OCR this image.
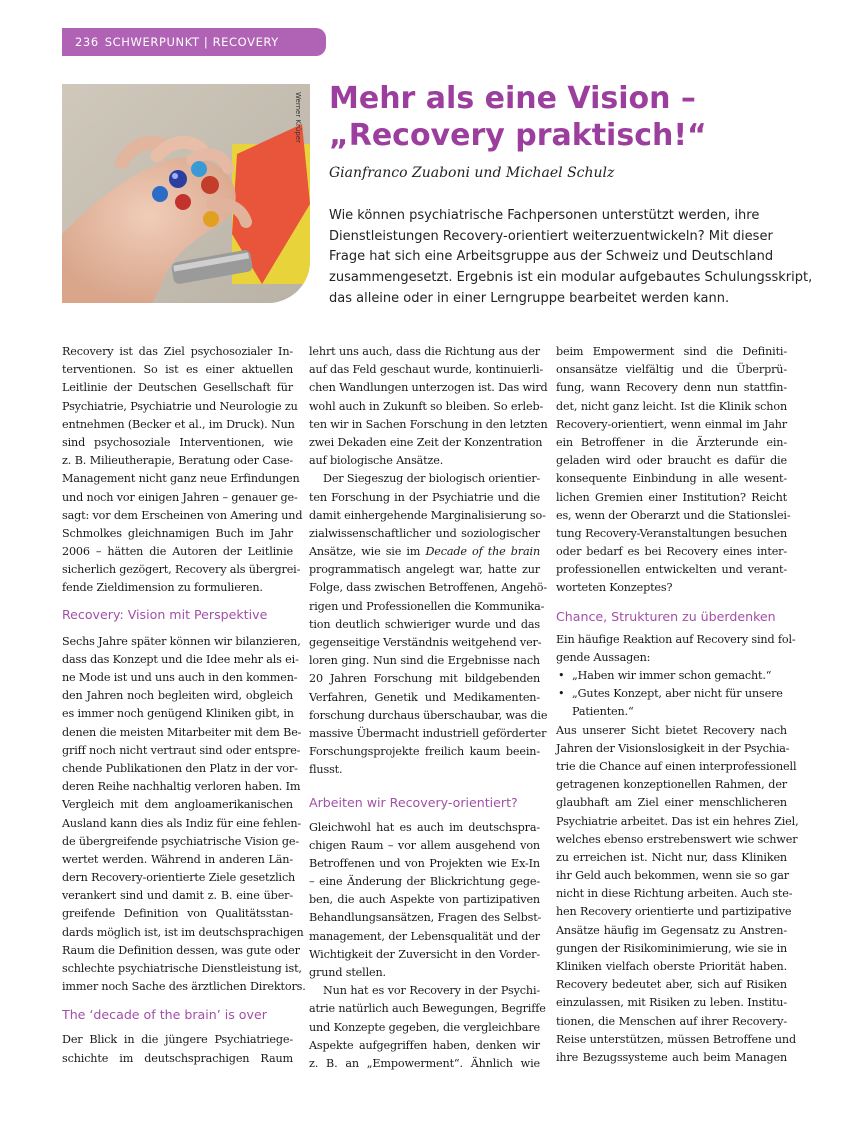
236 SCHWERPUNKT | RECOVERY
Werner Krüper Mehr als eine Vision –
„Recovery praktisch!“
Gianfranco Zuaboni und Michael Schulz
Wie können psychiatrische Fachpersonen unterstützt werden, ihre
Dienstleistungen Recovery-orientiert weiterzuentwickeln? Mit dieser
Frage hat sich eine Arbeitsgruppe aus der Schweiz und Deutschland
zusammengesetzt. Ergebnis ist ein modular aufgebautes Schulungsskript,
das alleine oder in einer Lerngruppe bearbeitet werden kann.
Recovery ist das Ziel psychosozialer In-
terventionen. So ist es einer aktuellen
Leitlinie der Deutschen Gesellschaft für
Psychiatrie, Psychiatrie und Neurologie zu
entnehmen (Becker et al., im Druck). Nun
sind psychosoziale Interventionen, wie
z. B. Milieutherapie, Beratung oder Case-
Management nicht ganz neue Erfindungen
und noch vor einigen Jahren – genauer ge-
sagt: vor dem Erscheinen von Amering und
Schmolkes gleichnamigen Buch im Jahr
2006 – hätten die Autoren der Leitlinie
sicherlich gezögert, Recovery als übergrei-
fende Zieldimension zu formulieren.
Recovery: Vision mit Perspektive
Sechs Jahre später können wir bilanzieren,
dass das Konzept und die Idee mehr als ei-
ne Mode ist und uns auch in den kommen-
den Jahren noch begleiten wird, obgleich
es immer noch genügend Kliniken gibt, in
denen die meisten Mitarbeiter mit dem Be-
griff noch nicht vertraut sind oder entspre-
chende Publikationen den Platz in der vor-
deren Reihe nachhaltig verloren haben. Im
Vergleich mit dem angloamerikanischen
Ausland kann dies als Indiz für eine fehlen-
de übergreifende psychiatrische Vision ge-
wertet werden. Während in anderen Län-
dern Recovery-orientierte Ziele gesetzlich
verankert sind und damit z. B. eine über-
greifende Definition von Qualitätsstan-
dards möglich ist, ist im deutschsprachigen
Raum die Definition dessen, was gute oder
schlechte psychiatrische Dienstleistung ist,
immer noch Sache des ärztlichen Direktors.
The ‘decade of the brain’ is over
Der Blick in die jüngere Psychiatriege-
schichte im deutschsprachigen Raum
lehrt uns auch, dass die Richtung aus der
auf das Feld geschaut wurde, kontinuierli-
chen Wandlungen unterzogen ist. Das wird
wohl auch in Zukunft so bleiben. So erleb-
ten wir in Sachen Forschung in den letzten
zwei Dekaden eine Zeit der Konzentration
auf biologische Ansätze.
Der Siegeszug der biologisch orientier-
ten Forschung in der Psychiatrie und die
damit einhergehende Marginalisierung so-
zialwissenschaftlicher und soziologischer
Ansätze, wie sie im Decade of the brain
programmatisch angelegt war, hatte zur
Folge, dass zwischen Betroffenen, Angehö-
rigen und Professionellen die Kommunika-
tion deutlich schwieriger wurde und das
gegenseitige Verständnis weitgehend ver-
loren ging. Nun sind die Ergebnisse nach
20 Jahren Forschung mit bildgebenden
Verfahren, Genetik und Medikamenten-
forschung durchaus überschaubar, was die
massive Übermacht industriell geförderter
Forschungsprojekte freilich kaum beein-
flusst.
Arbeiten wir Recovery-orientiert?
Gleichwohl hat es auch im deutschspra-
chigen Raum – vor allem ausgehend von
Betroffenen und von Projekten wie Ex-In
– eine Änderung der Blickrichtung gege-
ben, die auch Aspekte von partizipativen
Behandlungsansätzen, Fragen des Selbst-
management, der Lebensqualität und der
Wichtigkeit der Zuversicht in den Vorder-
grund stellen.
Nun hat es vor Recovery in der Psychi-
atrie natürlich auch Bewegungen, Begriffe
und Konzepte gegeben, die vergleichbare
Aspekte aufgegriffen haben, denken wir
z. B. an „Empowerment“. Ähnlich wie
beim Empowerment sind die Definiti-
onsansätze vielfältig und die Überprü-
fung, wann Recovery denn nun stattfin-
det, nicht ganz leicht. Ist die Klinik schon
Recovery-orientiert, wenn einmal im Jahr
ein Betroffener in die Ärzterunde ein-
geladen wird oder braucht es dafür die
konsequente Einbindung in alle wesent-
lichen Gremien einer Institution? Reicht
es, wenn der Oberarzt und die Stationslei-
tung Recovery-Veranstaltungen besuchen
oder bedarf es bei Recovery eines inter-
professionellen entwickelten und verant-
worteten Konzeptes?
Chance, Strukturen zu überdenken
Ein häufige Reaktion auf Recovery sind fol-
gende Aussagen:
• „Haben wir immer schon gemacht.“
• „Gutes Konzept, aber nicht für unsere
Patienten.“
Aus unserer Sicht bietet Recovery nach
Jahren der Visionslosigkeit in der Psychia-
trie die Chance auf einen interprofessionell
getragenen konzeptionellen Rahmen, der
glaubhaft am Ziel einer menschlicheren
Psychiatrie arbeitet. Das ist ein hehres Ziel,
welches ebenso erstrebenswert wie schwer
zu erreichen ist. Nicht nur, dass Kliniken
ihr Geld auch bekommen, wenn sie so gar
nicht in diese Richtung arbeiten. Auch ste-
hen Recovery orientierte und partizipative
Ansätze häufig im Gegensatz zu Anstren-
gungen der Risikominimierung, wie sie in
Kliniken vielfach oberste Priorität haben.
Recovery bedeutet aber, sich auf Risiken
einzulassen, mit Risiken zu leben. Institu-
tionen, die Menschen auf ihrer Recovery-
Reise unterstützen, müssen Betroffene und
ihre Bezugssysteme auch beim Managen
